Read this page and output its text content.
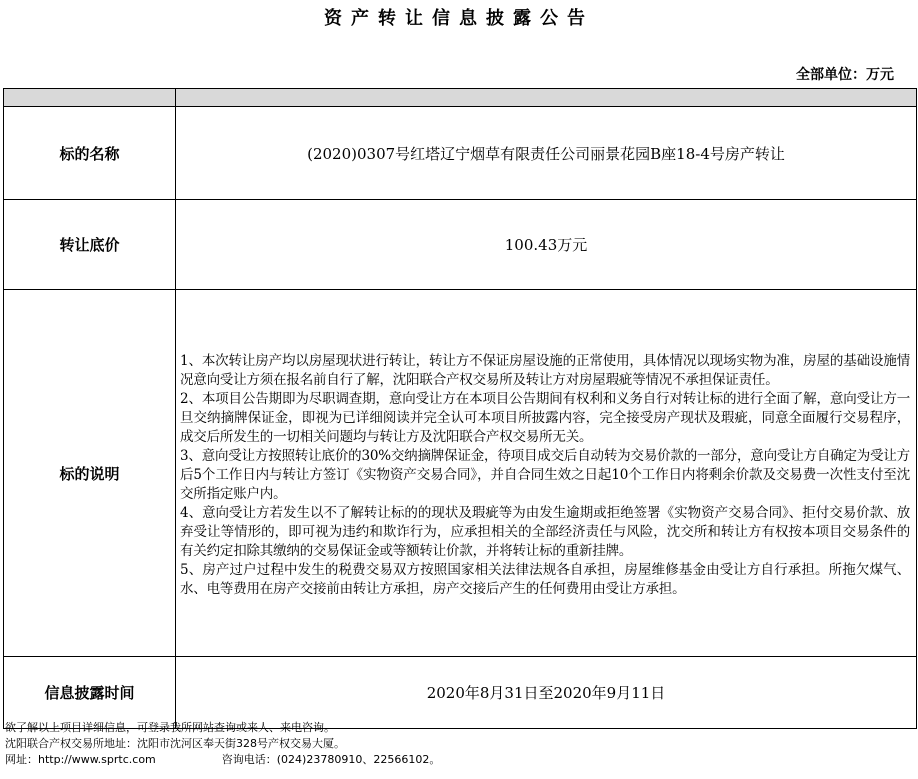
资产转让信息披露公告
全部单位：万元

标的名称	(2020)0307号红塔辽宁烟草有限责任公司丽景花园B座18-4号房产转让
转让底价	100.43万元
标的说明	1、本次转让房产均以房屋现状进行转让，转让方不保证房屋设施的正常使用，具体情况以现场实物为准，房屋的基础设施情况意向受让方须在报名前自行了解，沈阳联合产权交易所及转让方对房屋瑕疵等情况不承担保证责任。

2、本项目公告期即为尽职调查期，意向受让方在本项目公告期间有权利和义务自行对转让标的进行全面了解，意向受让方一旦交纳摘牌保证金，即视为已详细阅读并完全认可本项目所披露内容，完全接受房产现状及瑕疵，同意全面履行交易程序，成交后所发生的一切相关问题均与转让方及沈阳联合产权交易所无关。

3、意向受让方按照转让底价的30%交纳摘牌保证金，待项目成交后自动转为交易价款的一部分，意向受让方自确定为受让方后5个工作日内与转让方签订《实物资产交易合同》，并自合同生效之日起10个工作日内将剩余价款及交易费一次性支付至沈交所指定账户内。

4、意向受让方若发生以不了解转让标的的现状及瑕疵等为由发生逾期或拒绝签署《实物资产交易合同》、拒付交易价款、放弃受让等情形的，即可视为违约和欺诈行为，应承担相关的全部经济责任与风险，沈交所和转让方有权按本项目交易条件的有关约定扣除其缴纳的交易保证金或等额转让价款，并将转让标的重新挂牌。

5、房产过户过程中发生的税费交易双方按照国家相关法律法规各自承担，房屋维修基金由受让方自行承担。所拖欠煤气、水、电等费用在房产交接前由转让方承担，房产交接后产生的任何费用由受让方承担。

信息披露时间	2020年8月31日至2020年9月11日
欲了解以上项目详细信息，可登录我所网站查询或来人、来电咨询。
沈阳联合产权交易所地址：沈阳市沈河区奉天街328号产权交易大厦。
网址：http://www.sprtc.com	咨询电话：(024)23780910、22566102。
